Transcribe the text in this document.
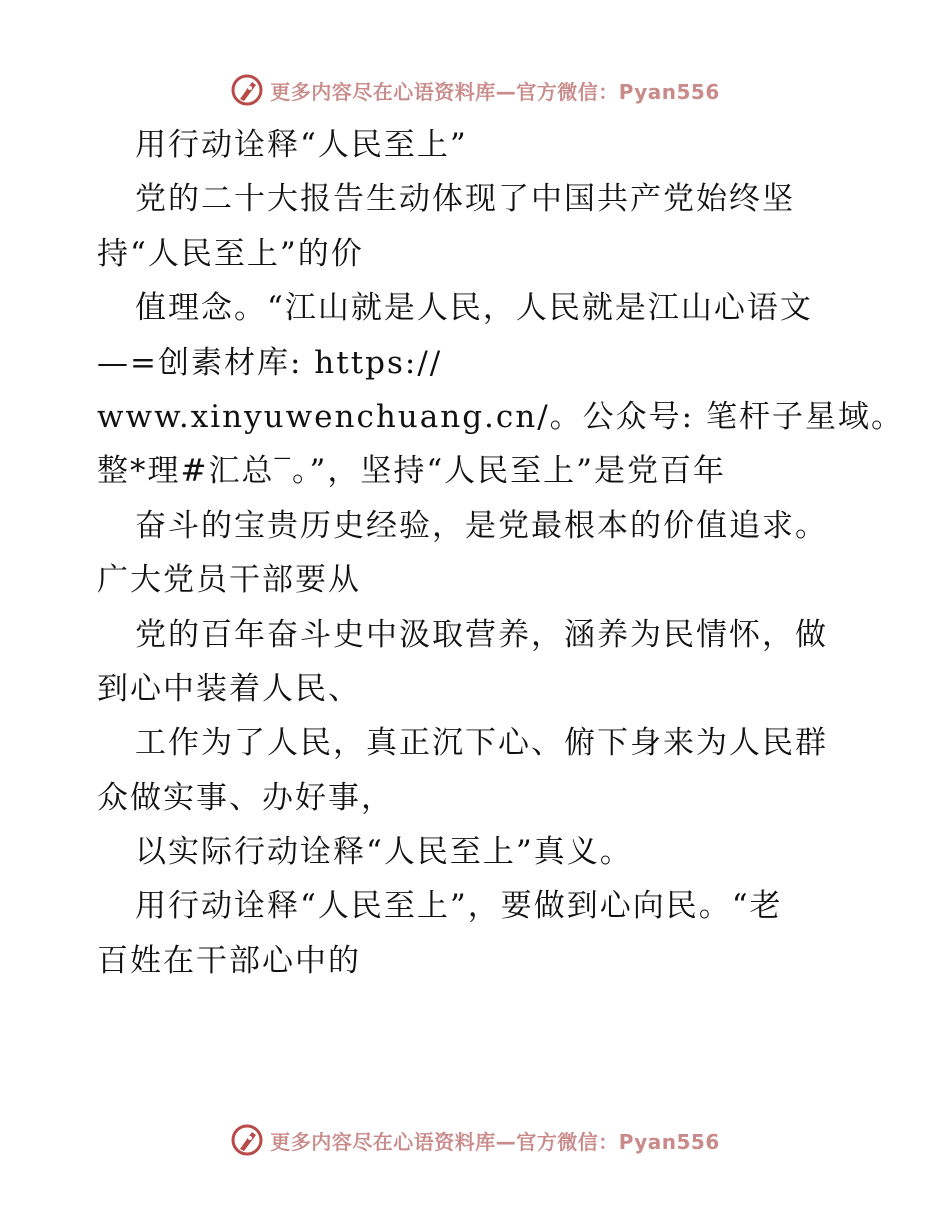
更多内容尽在心语资料库—官方微信：Pyan556
用行动诠释“人民至上”
党的二十大报告生动体现了中国共产党始终坚
持“人民至上”的价
值理念。“江山就是人民，人民就是江山心语文
—=创素材库: https://
www.xinyuwenchuang.cn/。公众号: 笔杆子星域。
整*理#汇总‾。”，坚持“人民至上”是党百年
奋斗的宝贵历史经验，是党最根本的价值追求。
广大党员干部要从
党的百年奋斗史中汲取营养，涵养为民情怀，做
到心中装着人民、
工作为了人民，真正沉下心、俯下身来为人民群
众做实事、办好事，
以实际行动诠释“人民至上”真义。
用行动诠释“人民至上”，要做到心向民。“老
百姓在干部心中的
更多内容尽在心语资料库—官方微信：Pyan556
